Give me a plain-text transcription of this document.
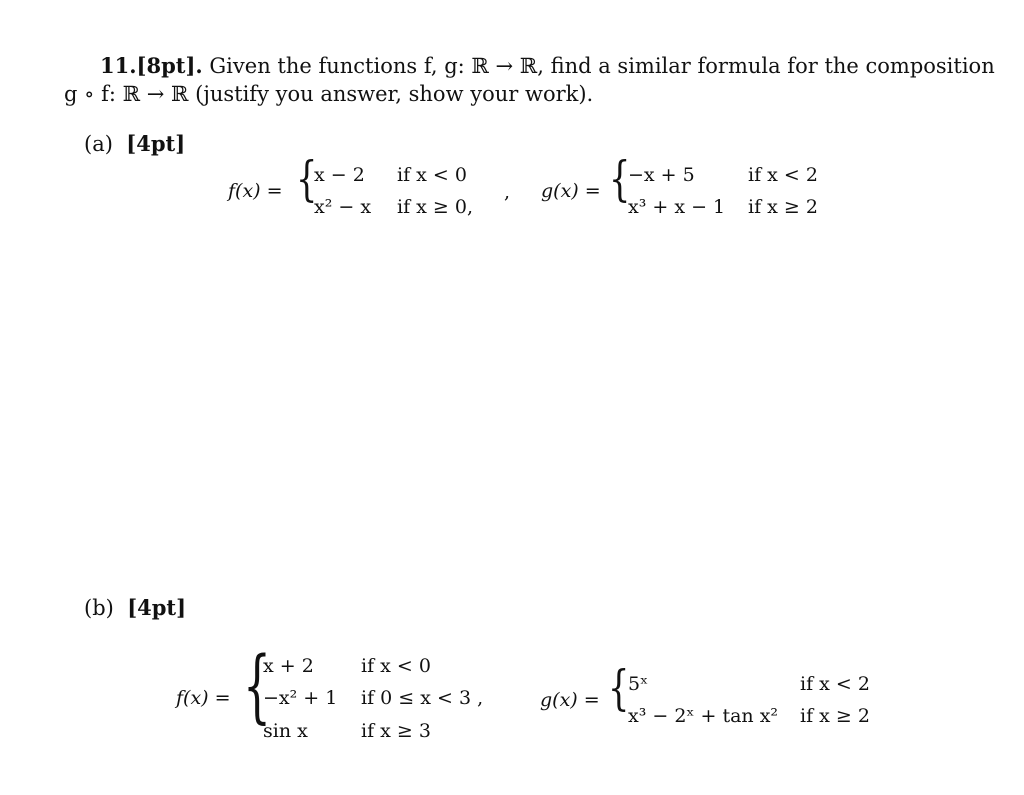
11.[8pt]. Given the functions f, g: ℝ → ℝ, find a similar formula for the composition
g ∘ f: ℝ → ℝ (justify you answer, show your work).
(a) [4pt]
f(x) = {
x − 2 if x < 0
x² − x if x ≥ 0,
, g(x) = {
−x + 5	if x < 2
x³ + x − 1 if x ≥ 2
(b) [4pt]
f(x) = {
x + 2 if x < 0
−x² + 1 if 0 ≤ x < 3 ,
sin x	if x ≥ 3
g(x) = {
5ˣ	if x < 2
x³ − 2ˣ + tan x² if x ≥ 2
